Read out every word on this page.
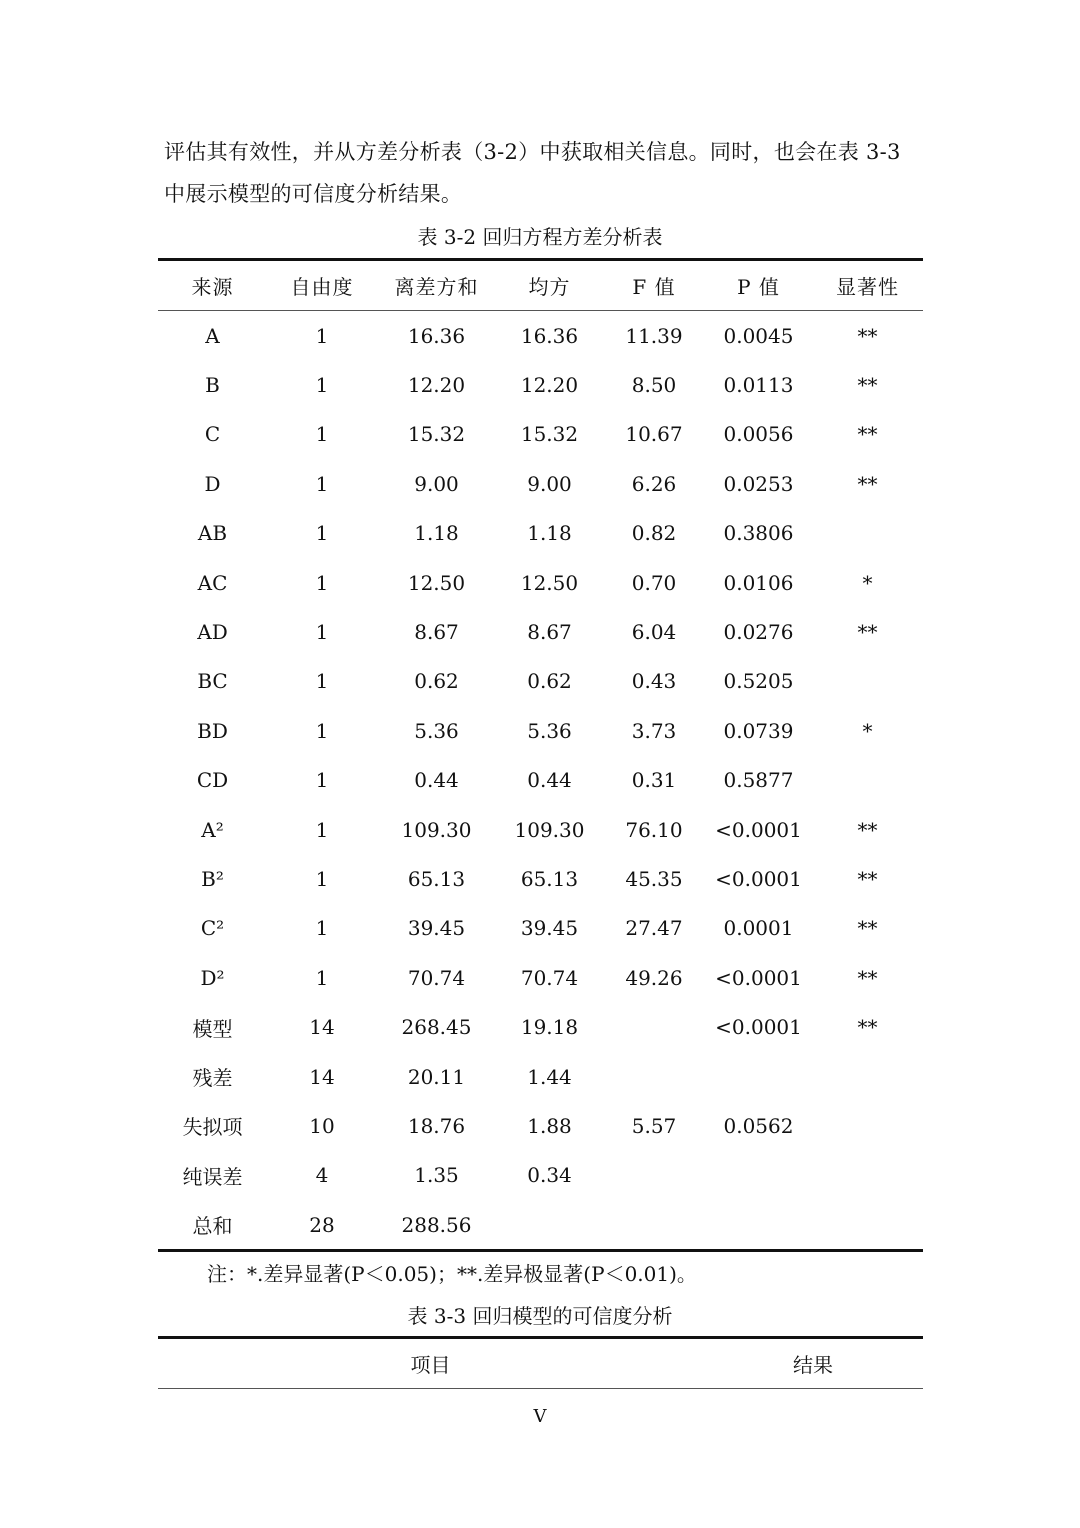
评估其有效性，并从方差分析表（3-2）中获取相关信息。同时，也会在表 3-3
中展示模型的可信度分析结果。
表 3-2 回归方程方差分析表
来源	自由度	离差方和	均方	F 值	P 值	显著性
A	1	16.36	16.36	11.39	0.0045	**
B	1	12.20	12.20	8.50	0.0113	**
C	1	15.32	15.32	10.67	0.0056	**
D	1	9.00	9.00	6.26	0.0253	**
AB	1	1.18	1.18	0.82	0.3806	
AC	1	12.50	12.50	0.70	0.0106	*
AD	1	8.67	8.67	6.04	0.0276	**
BC	1	0.62	0.62	0.43	0.5205	
BD	1	5.36	5.36	3.73	0.0739	*
CD	1	0.44	0.44	0.31	0.5877	
A²	1	109.30	109.30	76.10	<0.0001	**
B²	1	65.13	65.13	45.35	<0.0001	**
C²	1	39.45	39.45	27.47	0.0001	**
D²	1	70.74	70.74	49.26	<0.0001	**
模型	14	268.45	19.18		<0.0001	**
残差	14	20.11	1.44			
失拟项	10	18.76	1.88	5.57	0.0562	
纯误差	4	1.35	0.34			
总和	28	288.56				
注：*.差异显著(P＜0.05)；**.差异极显著(P＜0.01)。
表 3-3 回归模型的可信度分析
项目	结果
V
